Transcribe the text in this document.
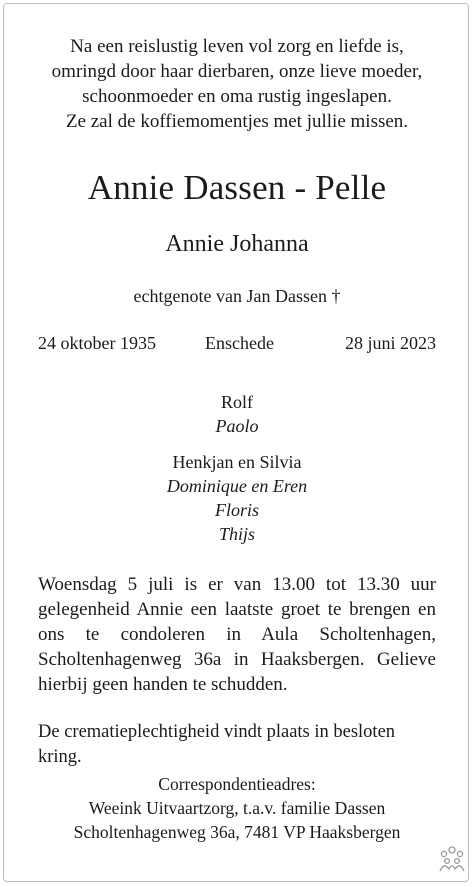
Na een reislustig leven vol zorg en liefde is,
omringd door haar dierbaren, onze lieve moeder,
schoonmoeder en oma rustig ingeslapen.
Ze zal de koffiemomentjes met jullie missen.
Annie Dassen - Pelle
Annie Johanna
echtgenote van Jan Dassen †
24 oktober 1935	Enschede	28 juni 2023
Rolf
Paolo
Henkjan en Silvia
Dominique en Eren
Floris
Thijs
Woensdag 5 juli is er van 13.00 tot 13.30 uur
gelegenheid Annie een laatste groet te brengen en
ons te condoleren in Aula Scholtenhagen,
Scholtenhagenweg 36a in Haaksbergen. Gelieve
hierbij geen handen te schudden.
De crematieplechtigheid vindt plaats in besloten kring.
Correspondentieadres:
Weeink Uitvaartzorg, t.a.v. familie Dassen
Scholtenhagenweg 36a, 7481 VP Haaksbergen
